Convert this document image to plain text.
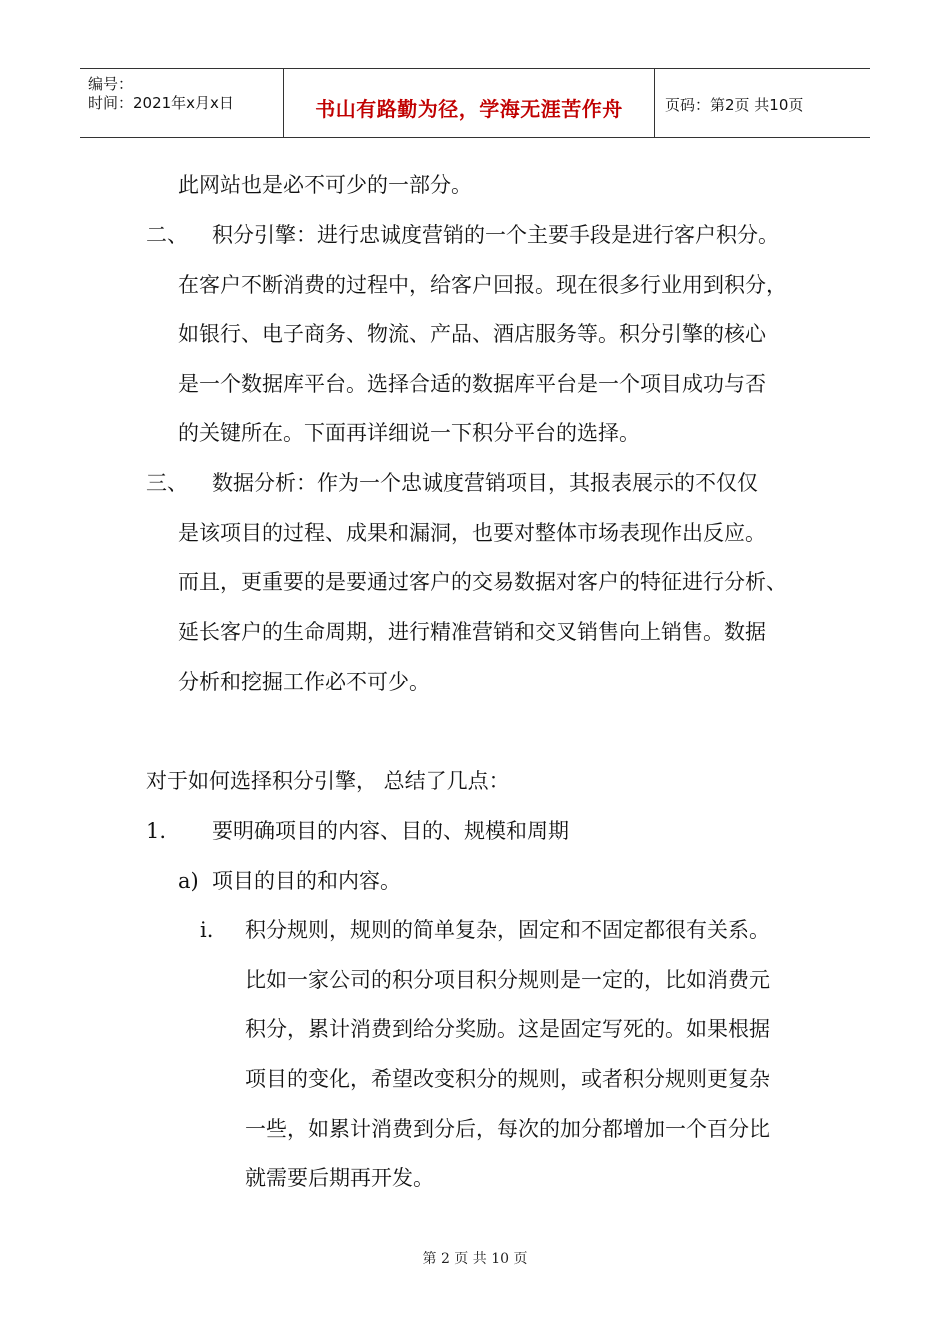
编号：
时间：2021年x月x日	书山有路勤为径，学海无涯苦作舟	页码：第2页 共10页
此网站也是必不可少的一部分。
二、 积分引擎：进行忠诚度营销的一个主要手段是进行客户积分。
在客户不断消费的过程中，给客户回报。现在很多行业用到积分，
如银行、电子商务、物流、产品、酒店服务等。积分引擎的核心
是一个数据库平台。选择合适的数据库平台是一个项目成功与否
的关键所在。下面再详细说一下积分平台的选择。
三、 数据分析：作为一个忠诚度营销项目，其报表展示的不仅仅
是该项目的过程、成果和漏洞，也要对整体市场表现作出反应。
而且，更重要的是要通过客户的交易数据对客户的特征进行分析、
延长客户的生命周期，进行精准营销和交叉销售向上销售。数据
分析和挖掘工作必不可少。
对于如何选择积分引擎， 总结了几点：
1. 要明确项目的内容、目的、规模和周期
a) 项目的目的和内容。
i. 积分规则，规则的简单复杂，固定和不固定都很有关系。
比如一家公司的积分项目积分规则是一定的，比如消费元
积分，累计消费到给分奖励。这是固定写死的。如果根据
项目的变化，希望改变积分的规则，或者积分规则更复杂
一些，如累计消费到分后，每次的加分都增加一个百分比
就需要后期再开发。
第 2 页 共 10 页
